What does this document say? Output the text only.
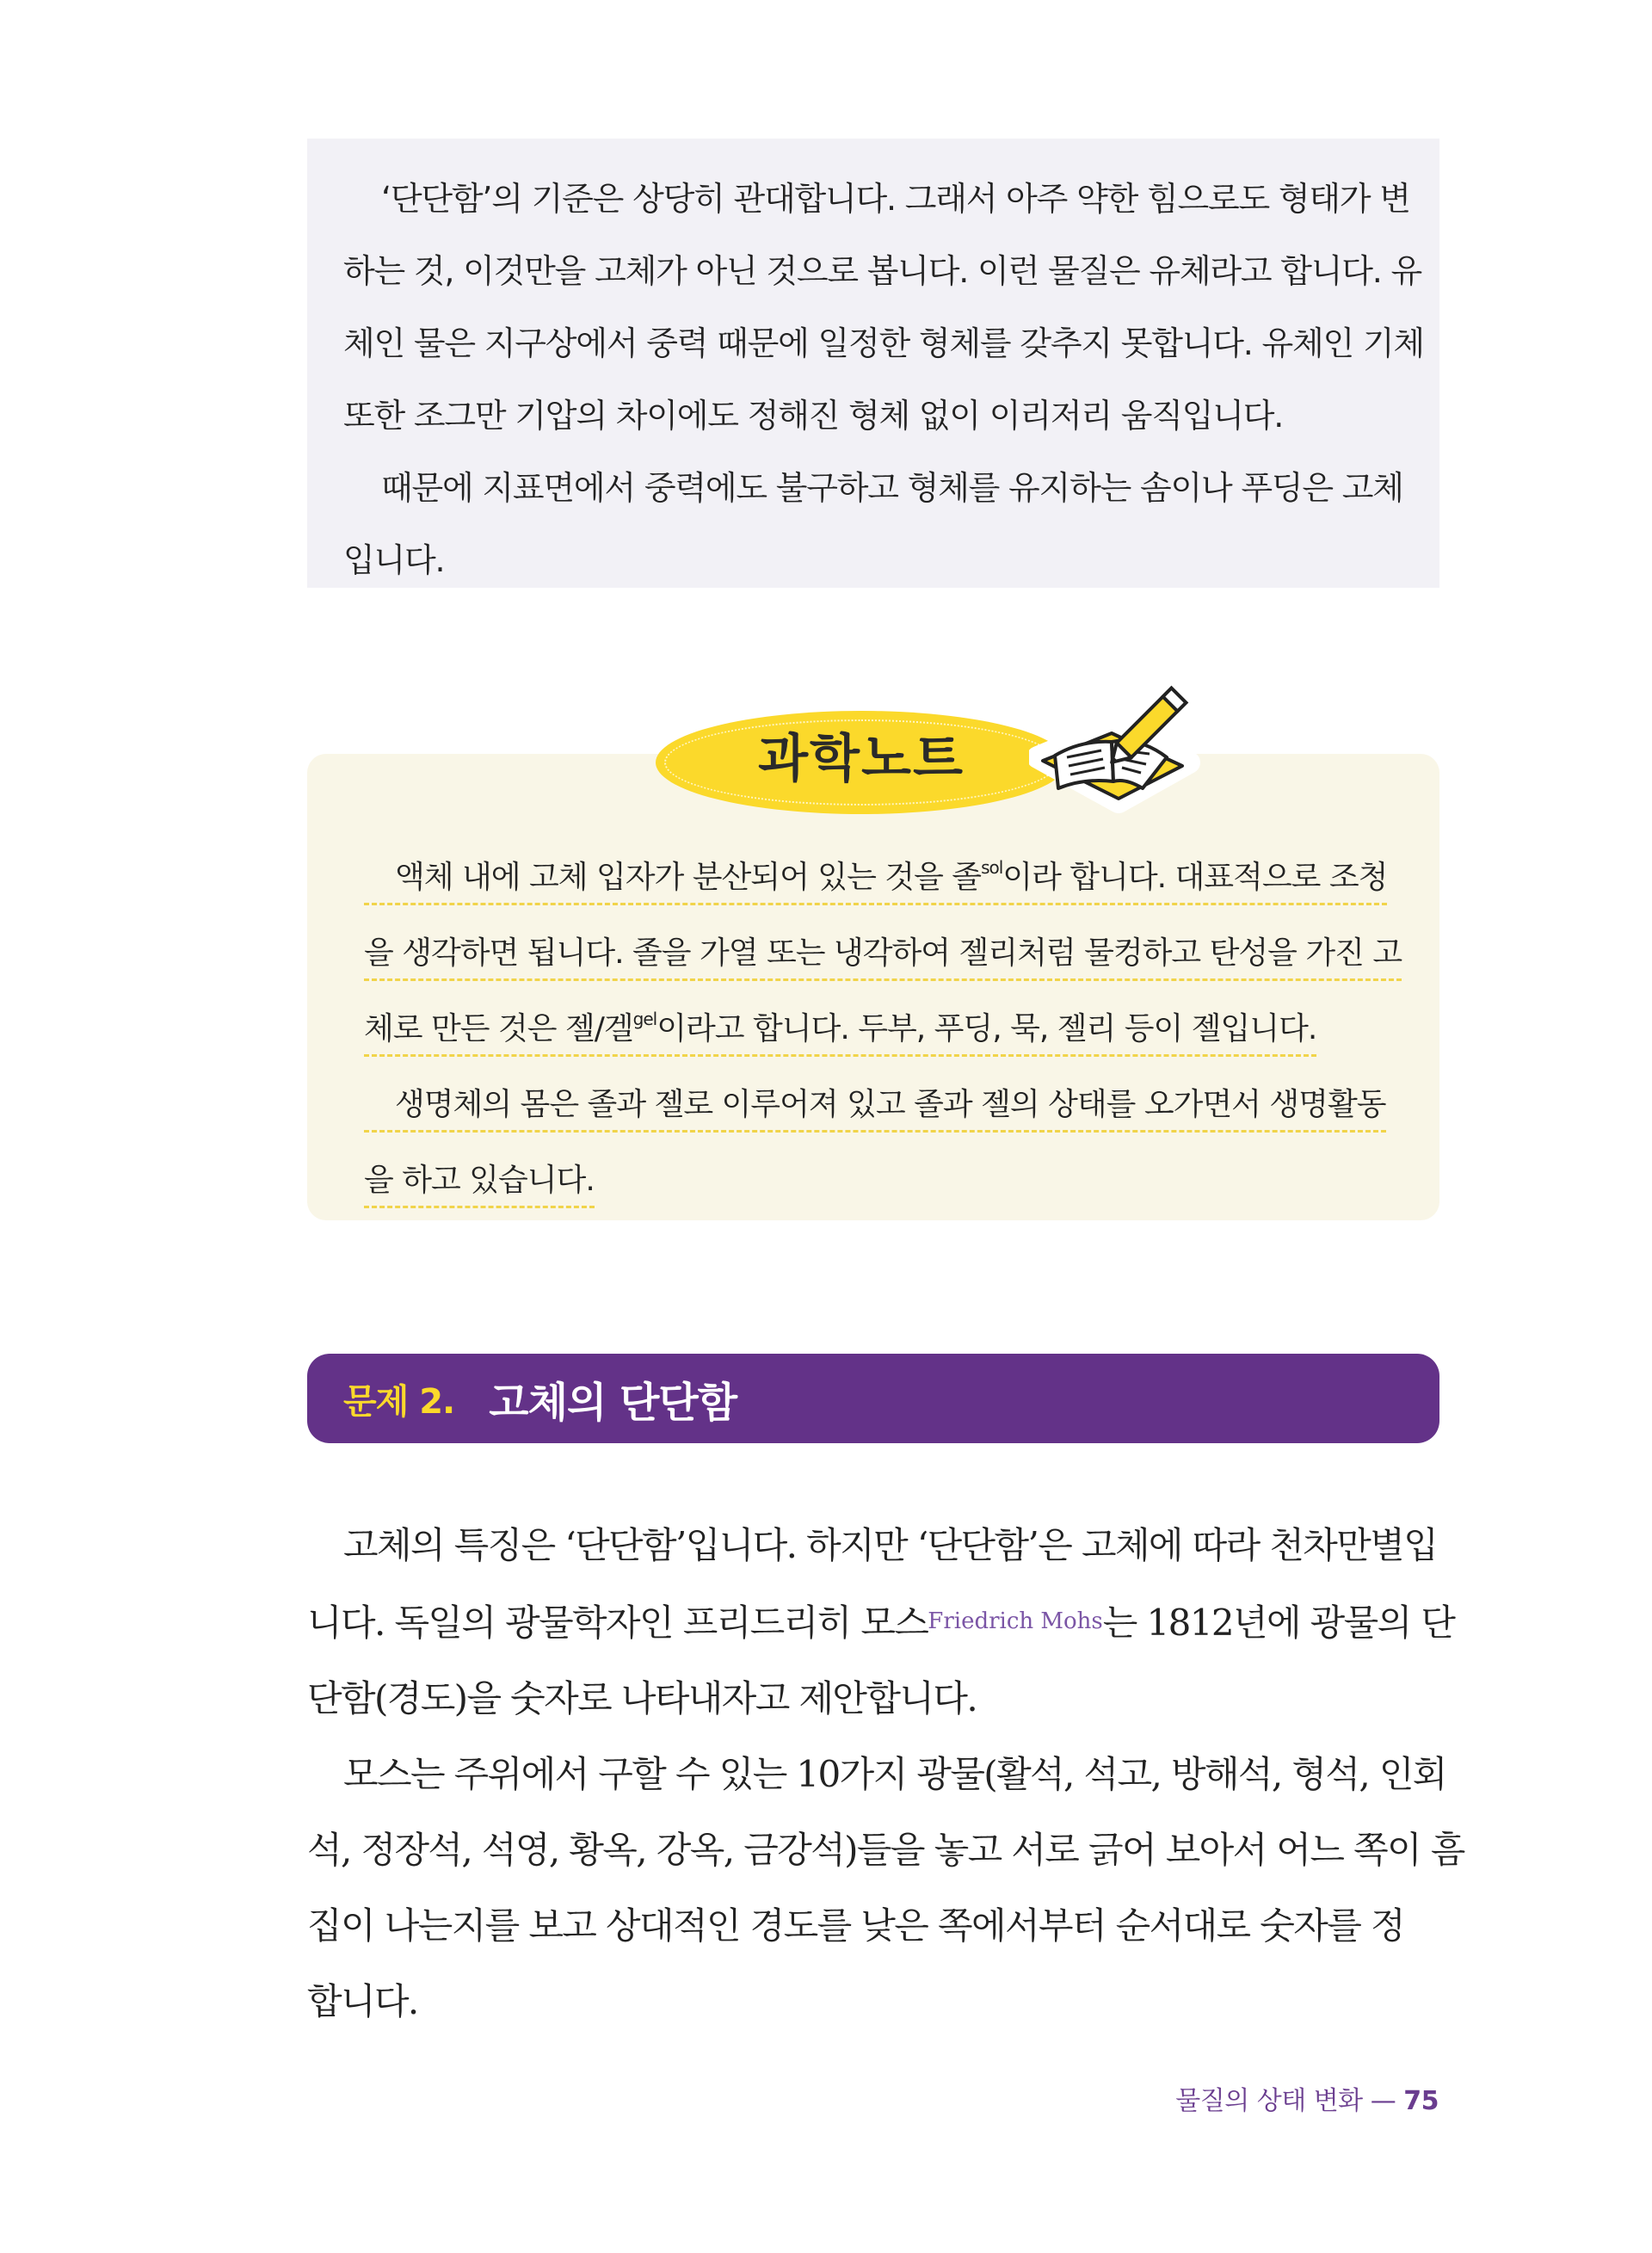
‘단단함’의 기준은 상당히 관대합니다. 그래서 아주 약한 힘으로도 형태가 변

하는 것, 이것만을 고체가 아닌 것으로 봅니다. 이런 물질은 유체라고 합니다. 유

체인 물은 지구상에서 중력 때문에 일정한 형체를 갖추지 못합니다. 유체인 기체

또한 조그만 기압의 차이에도 정해진 형체 없이 이리저리 움직입니다.

때문에 지표면에서 중력에도 불구하고 형체를 유지하는 솜이나 푸딩은 고체

입니다.

액체 내에 고체 입자가 분산되어 있는 것을 졸$^{sol}$이라 합니다. 대표적으로 조청
을 생각하면 됩니다. 졸을 가열 또는 냉각하여 젤리처럼 물컹하고 탄성을 가진 고
체로 만든 것은 젤/겔$^{gel}$이라고 합니다. 두부, 푸딩, 묵, 젤리 등이 젤입니다.
생명체의 몸은 졸과 젤로 이루어져 있고 졸과 젤의 상태를 오가면서 생명활동
을 하고 있습니다.
과학노트
문제 2. 고체의 단단함

고체의 특징은 ‘단단함’입니다. 하지만 ‘단단함’은 고체에 따라 천차만별입

니다. 독일의 광물학자인 프리드리히 모스Friedrich Mohs는 1812년에 광물의 단

단함(경도)을 숫자로 나타내자고 제안합니다.

모스는 주위에서 구할 수 있는 10가지 광물(활석, 석고, 방해석, 형석, 인회

석, 정장석, 석영, 황옥, 강옥, 금강석)들을 놓고 서로 긁어 보아서 어느 쪽이 흠

집이 나는지를 보고 상대적인 경도를 낮은 쪽에서부터 순서대로 숫자를 정

합니다.

물질의 상태 변화 — 75
